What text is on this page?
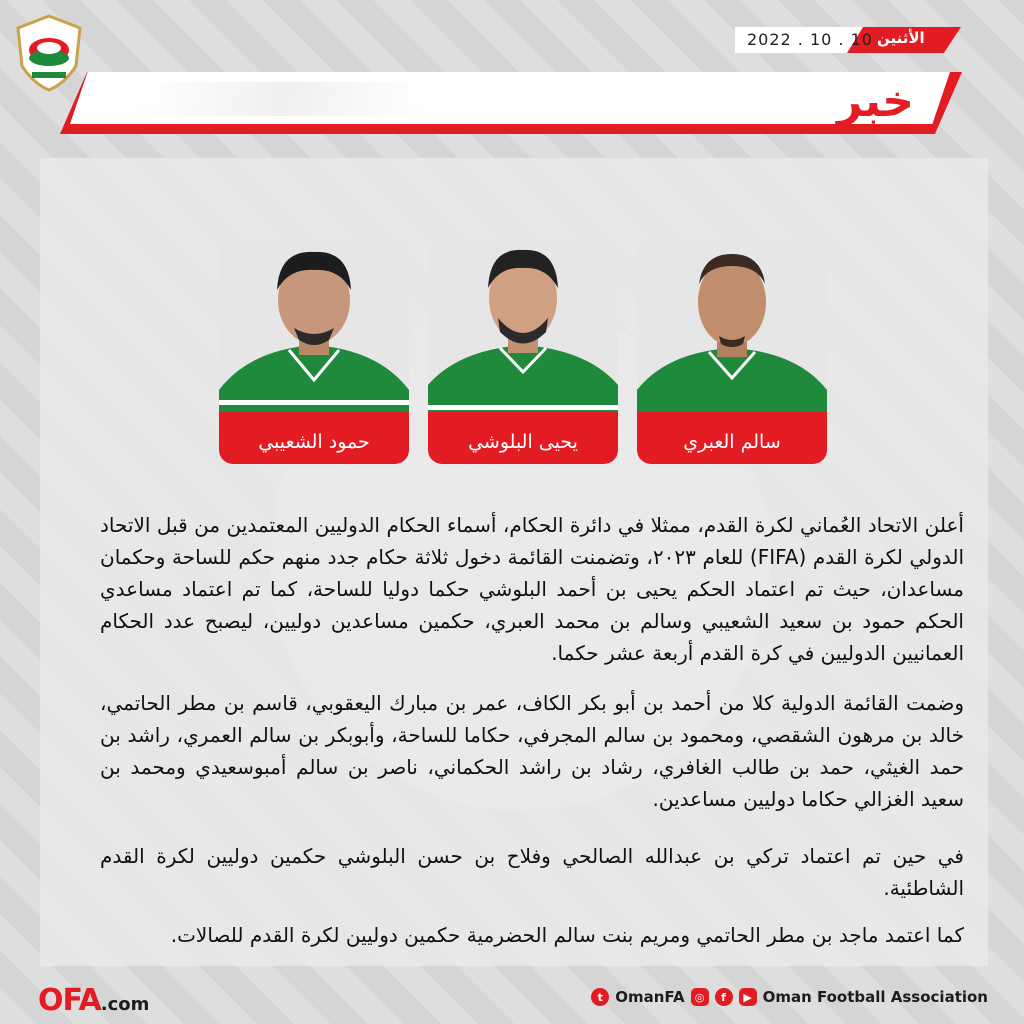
2022 . 10 . 10 الأثنين
خبر
حمود الشعيبي	يحيى البلوشي	سالم العبري
أعلن الاتحاد العُماني لكرة القدم، ممثلا في دائرة الحكام، أسماء الحكام الدوليين المعتمدين من قبل الاتحاد الدولي لكرة القدم (FIFA) للعام ٢٠٢٣، وتضمنت القائمة دخول ثلاثة حكام جدد منهم حكم للساحة وحكمان مساعدان، حيث تم اعتماد الحكم يحيى بن أحمد البلوشي حكما دوليا للساحة، كما تم اعتماد مساعدي الحكم حمود بن سعيد الشعيبي وسالم بن محمد العبري، حكمين مساعدين دوليين، ليصبح عدد الحكام العمانيين الدوليين في كرة القدم أربعة عشر حكما.
وضمت القائمة الدولية كلا من أحمد بن أبو بكر الكاف، عمر بن مبارك اليعقوبي، قاسم بن مطر الحاتمي، خالد بن مرهون الشقصي، ومحمود بن سالم المجرفي، حكاما للساحة، وأبوبكر بن سالم العمري، راشد بن حمد الغيثي، حمد بن طالب الغافري، رشاد بن راشد الحكماني، ناصر بن سالم أمبوسعيدي ومحمد بن سعيد الغزالي حكاما دوليين مساعدين.
في حين تم اعتماد تركي بن عبدالله الصالحي وفلاح بن حسن البلوشي حكمين دوليين لكرة القدم الشاطئية.
كما اعتمد ماجد بن مطر الحاتمي ومريم بنت سالم الحضرمية حكمين دوليين لكرة القدم للصالات.
OFA.com	t OmanFA ◎	f	▶ Oman Football Association
